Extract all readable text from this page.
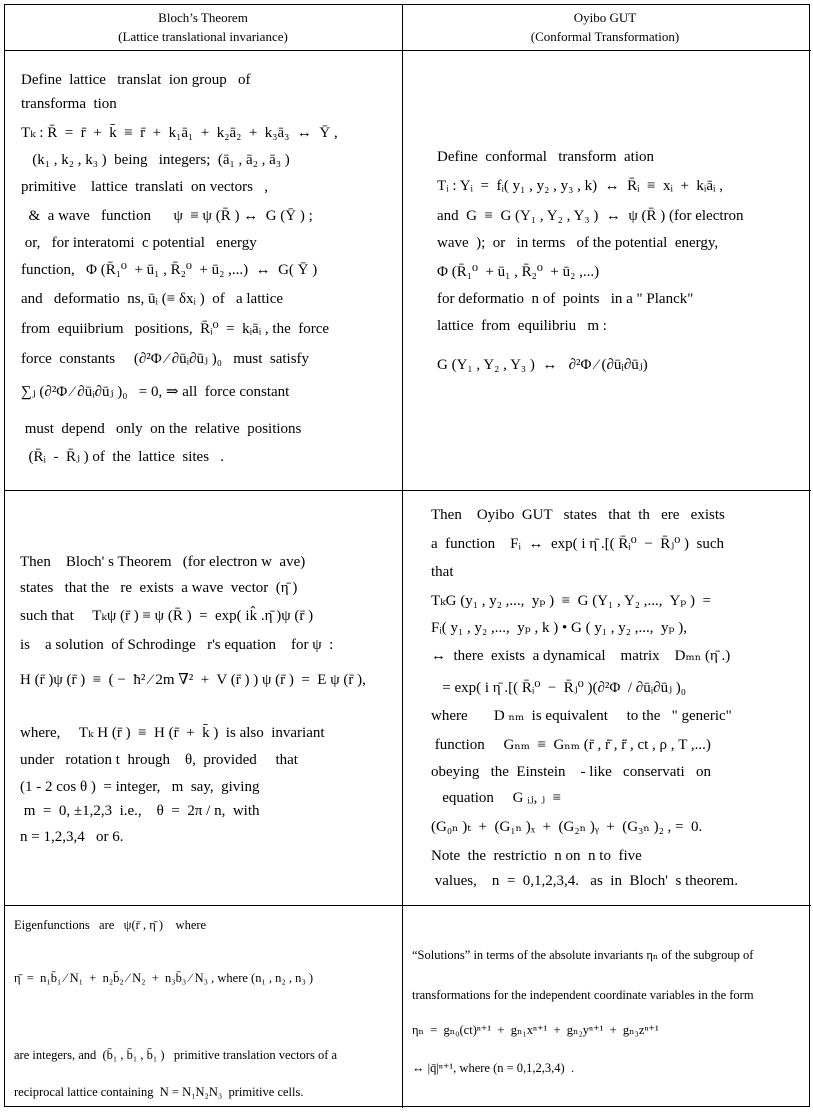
Bloch’s Theorem
(Lattice translational invariance)
Oyibo GUT
(Conformal Transformation)
Define  lattice   translat  ion group   of
transforma  tion
Tₖ : R̄  =  r̄  +  k̄  ≡  r̄  +  k₁ā₁  +  k₂ā₂  +  k₃ā₃  ↔  Ȳ ,
(k₁ , k₂ , k₃ )  being   integers;  (ā₁ , ā₂ , ā₃ )
primitive    lattice  translati  on vectors   ,
&  a wave   function      ψ  ≡ ψ (R̄ ) ↔  G (Ȳ ) ;
or,   for interatomi  c potential   energy
function,   Φ (R̄₁⁰  + ū₁ , R̄₂⁰  + ū₂ ,...)  ↔  G( Ȳ )
and   deformatio  ns, ūᵢ (≡ δxᵢ )  of   a lattice
from  equiibrium   positions,  R̄ᵢ⁰  =  kᵢāᵢ , the  force
force  constants     (∂²Φ ⁄ ∂ūᵢ∂ūⱼ )₀   must  satisfy
∑ⱼ (∂²Φ ⁄ ∂ūᵢ∂ūⱼ )₀   = 0, ⇒ all  force constant
must  depend   only  on the  relative  positions
(R̄ᵢ  -  R̄ⱼ ) of  the  lattice  sites   .
Define  conformal   transform  ation
Tᵢ : Yᵢ  =  fᵢ( y₁ , y₂ , y₃ , k)  ↔  R̄ᵢ  ≡  xᵢ  +  kᵢāᵢ ,
and  G  ≡  G (Y₁ , Y₂ , Y₃ )  ↔  ψ (R̄ ) (for electron
wave  );  or   in terms   of the potential  energy,
Φ (R̄₁⁰  + ū₁ , R̄₂⁰  + ū₂ ,...)
for deformatio  n of  points   in a " Planck"
lattice  from  equilibriu   m :
G (Y₁ , Y₂ , Y₃ )  ↔   ∂²Φ ⁄ (∂ūᵢ∂ūⱼ)
Then    Bloch' s Theorem   (for electron w  ave)
states   that the   re  exists  a wave  vector  (η̄ )
such that     Tₖψ (r̄ ) ≡ ψ (R̄ )  =  exp( ik̂ .η̄ )ψ (r̄ )
is    a solution  of Schrodinge   r's equation    for ψ  :
H (r̄ )ψ (r̄ )  ≡  ( −  ħ² ⁄ 2m ∇²  +  V (r̄ ) ) ψ (r̄ )  =  E ψ (r̄ ),
where,     Tₖ H (r̄ )  ≡  H (r̄  +  k̄ )  is also  invariant
under   rotation t  hrough    θ,  provided     that
(1 - 2 cos θ )  = integer,   m  say,  giving
m  =  0, ±1,2,3  i.e.,    θ  =  2π / n,  with
n = 1,2,3,4   or 6.
Then    Oyibo  GUT   states   that  th   ere   exists
a  function    Fᵢ  ↔  exp( i η̄ .[( R̄ᵢ⁰  −  R̄ⱼ⁰ )  such
that
TₖG (y₁ , y₂ ,...,  yₚ )  ≡  G (Y₁ , Y₂ ,...,  Yₚ )  =
Fᵢ( y₁ , y₂ ,...,  yₚ , k ) • G ( y₁ , y₂ ,...,  yₚ ),
↔  there  exists  a dynamical    matrix    Dₘₙ (η̄ .)
= exp( i η̄ .[( R̄ᵢ⁰  −  R̄ⱼ⁰ )(∂²Φ  / ∂ūᵢ∂ūⱼ )₀
where       D ₙₘ  is equivalent     to the   " generic"
function     Gₙₘ  ≡  Gₙₘ (r̄ , ṙ̄ , r̈̄ , ct , ρ , T ,...)
obeying   the  Einstein    - like   conservati   on
equation     G ᵢⱼ, ⱼ  ≡
(G₀ₙ )ₜ  +  (G₁ₙ )ₓ  +  (G₂ₙ )ᵧ  +  (G₃ₙ )₂ , =  0.
Note  the  restrictio  n on  n to  five
values,    n  =  0,1,2,3,4.   as  in  Bloch'  s theorem.
Eigenfunctions   are   ψ(r̄ , η̄ )    where
η̄  =  n₁b̄₁ ⁄ N₁  +  n₂b̄₂ ⁄ N₂  +  n₃b̄₃ ⁄ N₃ , where (n₁ , n₂ , n₃ )
are integers, and  (b̄₁ , b̄₁ , b̄₁ )   primitive translation vectors of a
reciprocal lattice containing  N = N₁N₂N₃  primitive cells.
“Solutions” in terms of the absolute invariants ηₙ of the subgroup of
transformations for the independent coordinate variables in the form
ηₙ  =  gₙ₀(ct)ⁿ⁺¹  +  gₙ₁xⁿ⁺¹  +  gₙ₂yⁿ⁺¹  +  gₙ₃zⁿ⁺¹
↔ |q̄|ⁿ⁺¹, where (n = 0,1,2,3,4)  .
